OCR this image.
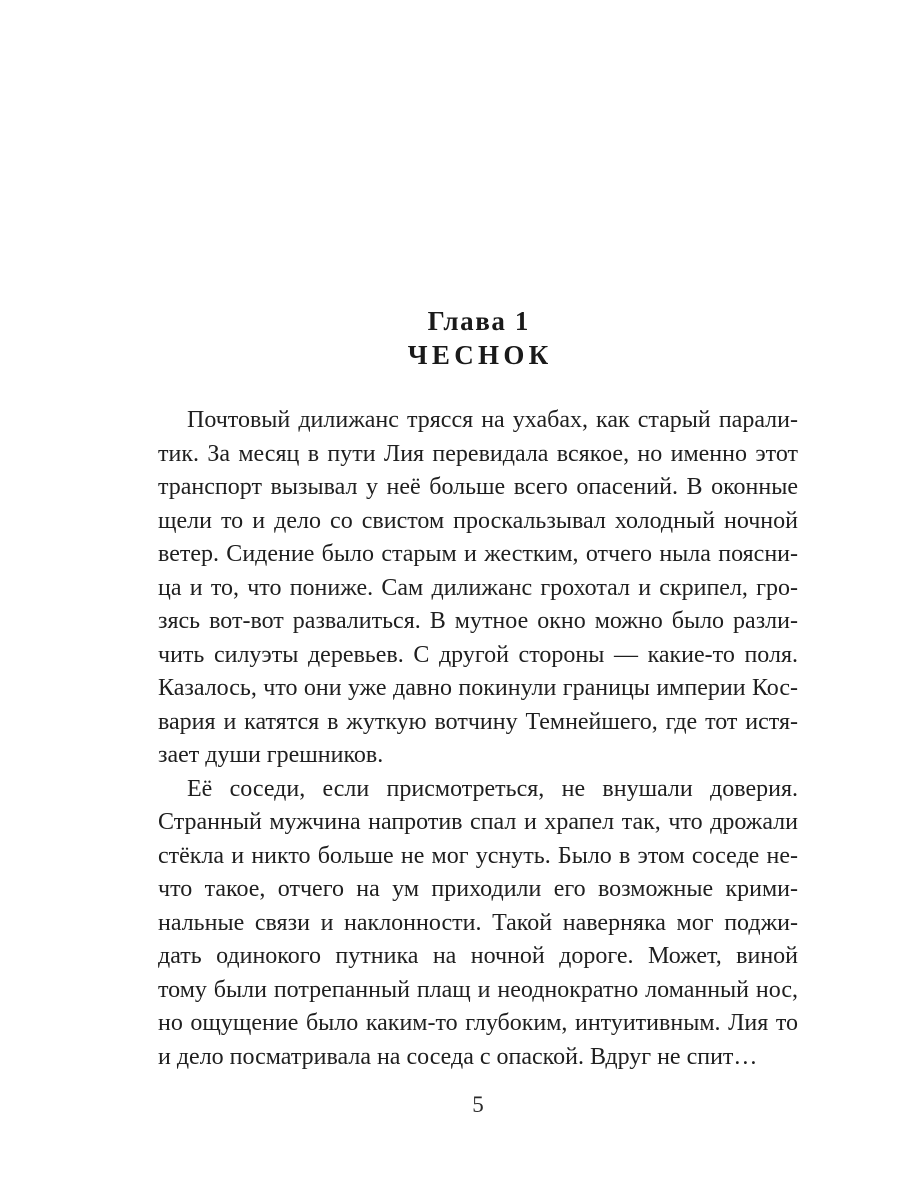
Глава 1
ЧЕСНОК
Почтовый дилижанс трясся на ухабах, как старый парали-
тик. За месяц в пути Лия перевидала всякое, но именно этот
транспорт вызывал у неё больше всего опасений. В оконные
щели то и дело со свистом проскальзывал холодный ночной
ветер. Сидение было старым и жестким, отчего ныла поясни-
ца и то, что пониже. Сам дилижанс грохотал и скрипел, гро-
зясь вот-вот развалиться. В мутное окно можно было разли-
чить силуэты деревьев. С другой стороны — какие-то поля.
Казалось, что они уже давно покинули границы империи Кос-
вария и катятся в жуткую вотчину Темнейшего, где тот истя-
зает души грешников.
Её соседи, если присмотреться, не внушали доверия.
Странный мужчина напротив спал и храпел так, что дрожали
стёкла и никто больше не мог уснуть. Было в этом соседе не-
что такое, отчего на ум приходили его возможные крими-
нальные связи и наклонности. Такой наверняка мог поджи-
дать одинокого путника на ночной дороге. Может, виной
тому были потрепанный плащ и неоднократно ломанный нос,
но ощущение было каким-то глубоким, интуитивным. Лия то
и дело посматривала на соседа с опаской. Вдруг не спит…
5
